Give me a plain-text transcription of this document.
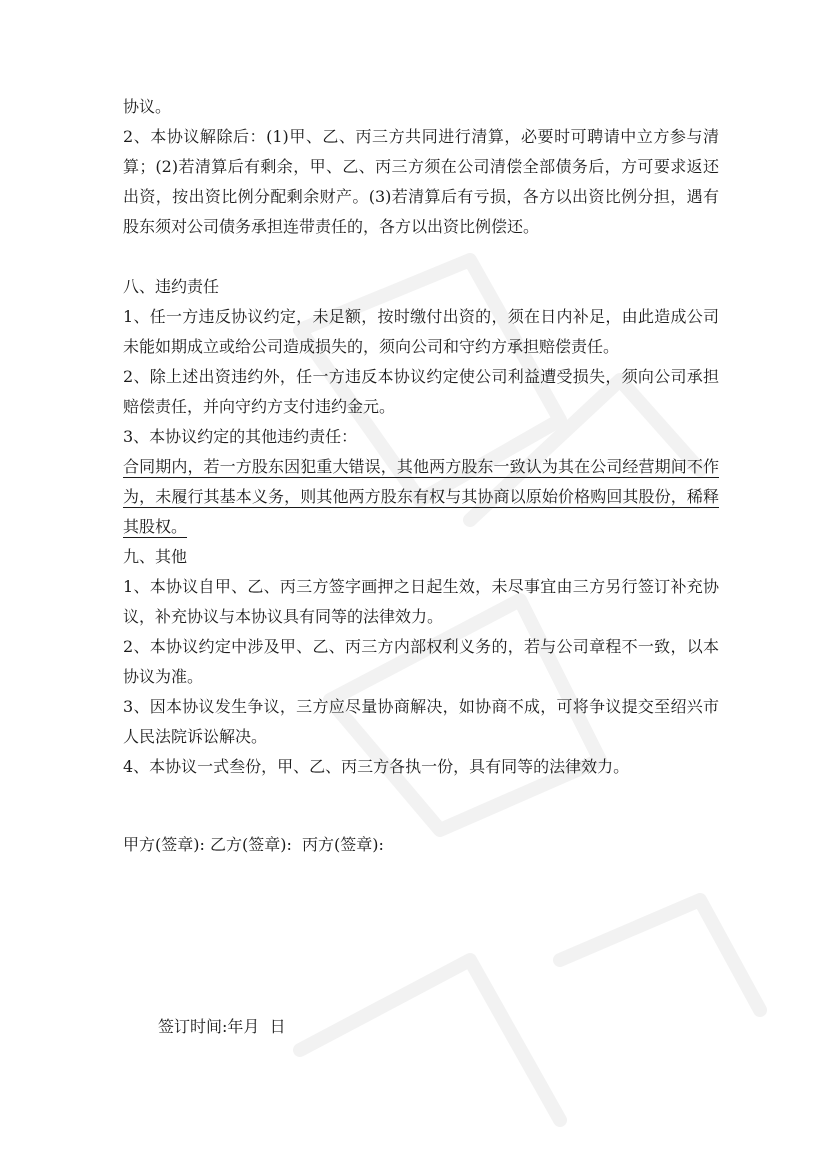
协议。

2、本协议解除后：(1)甲、乙、丙三方共同进行清算，必要时可聘请中立方参与清算；(2)若清算后有剩余，甲、乙、丙三方须在公司清偿全部债务后，方可要求返还出资，按出资比例分配剩余财产。(3)若清算后有亏损，各方以出资比例分担，遇有股东须对公司债务承担连带责任的，各方以出资比例偿还。

八、违约责任

1、任一方违反协议约定，未足额，按时缴付出资的，须在日内补足，由此造成公司未能如期成立或给公司造成损失的，须向公司和守约方承担赔偿责任。

2、除上述出资违约外，任一方违反本协议约定使公司利益遭受损失，须向公司承担赔偿责任，并向守约方支付违约金元。

3、本协议约定的其他违约责任：

合同期内，若一方股东因犯重大错误，其他两方股东一致认为其在公司经营期间不作为，未履行其基本义务，则其他两方股东有权与其协商以原始价格购回其股份，稀释其股权。

九、其他

1、本协议自甲、乙、丙三方签字画押之日起生效，未尽事宜由三方另行签订补充协议，补充协议与本协议具有同等的法律效力。

2、本协议约定中涉及甲、乙、丙三方内部权利义务的，若与公司章程不一致，以本协议为准。

3、因本协议发生争议，三方应尽量协商解决，如协商不成，可将争议提交至绍兴市人民法院诉讼解决。

4、本协议一式叁份，甲、乙、丙三方各执一份，具有同等的法律效力。

甲方(签章): 乙方(签章):  丙方(签章):

签订时间:年月  日
